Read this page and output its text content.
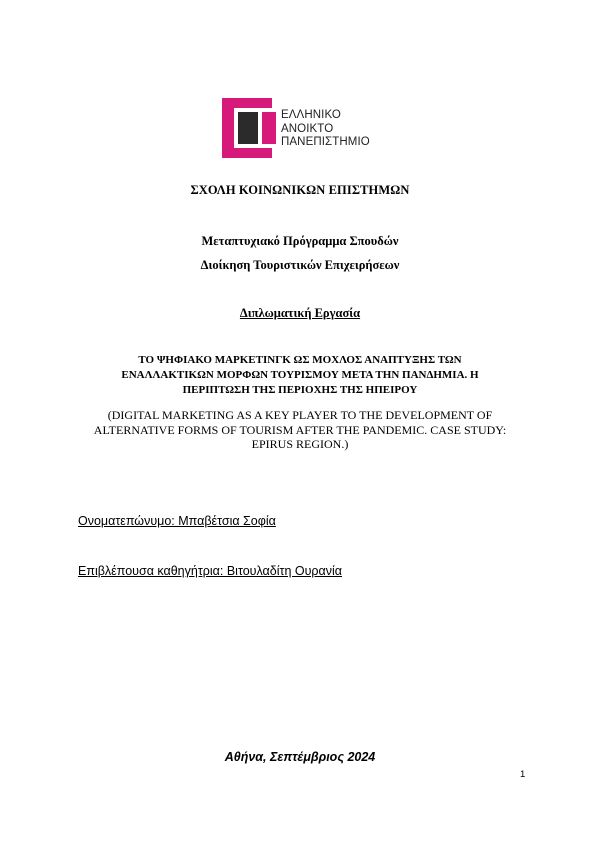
ΕΛΛΗΝΙΚΟ
ΑΝΟΙΚΤΟ
ΠΑΝΕΠΙΣΤΗΜΙΟ
ΣΧΟΛΗ ΚΟΙΝΩΝΙΚΩΝ ΕΠΙΣΤΗΜΩΝ
Μεταπτυχιακό Πρόγραμμα Σπουδών
Διοίκηση Τουριστικών Επιχειρήσεων
Διπλωματική Εργασία
ΤΟ ΨΗΦΙΑΚΟ ΜΑΡΚΕΤΙΝΓΚ ΩΣ ΜΟΧΛΟΣ ΑΝΑΠΤΥΞΗΣ ΤΩΝ
ΕΝΑΛΛΑΚΤΙΚΩΝ ΜΟΡΦΩΝ ΤΟΥΡΙΣΜΟΥ ΜΕΤΑ ΤΗΝ ΠΑΝΔΗΜΙΑ. Η
ΠΕΡΙΠΤΩΣΗ ΤΗΣ ΠΕΡΙΟΧΗΣ ΤΗΣ ΗΠΕΙΡΟΥ
(DIGITAL MARKETING AS A KEY PLAYER TO THE DEVELOPMENT OF
ALTERNATIVE FORMS OF TOURISM AFTER THE PANDEMIC. CASE STUDY:
EPIRUS REGION.)
Ονοματεπώνυμο: Μπαβέτσια Σοφία
Επιβλέπουσα καθηγήτρια: Βιτουλαδίτη Ουρανία
Αθήνα, Σεπτέμβριος 2024
1
